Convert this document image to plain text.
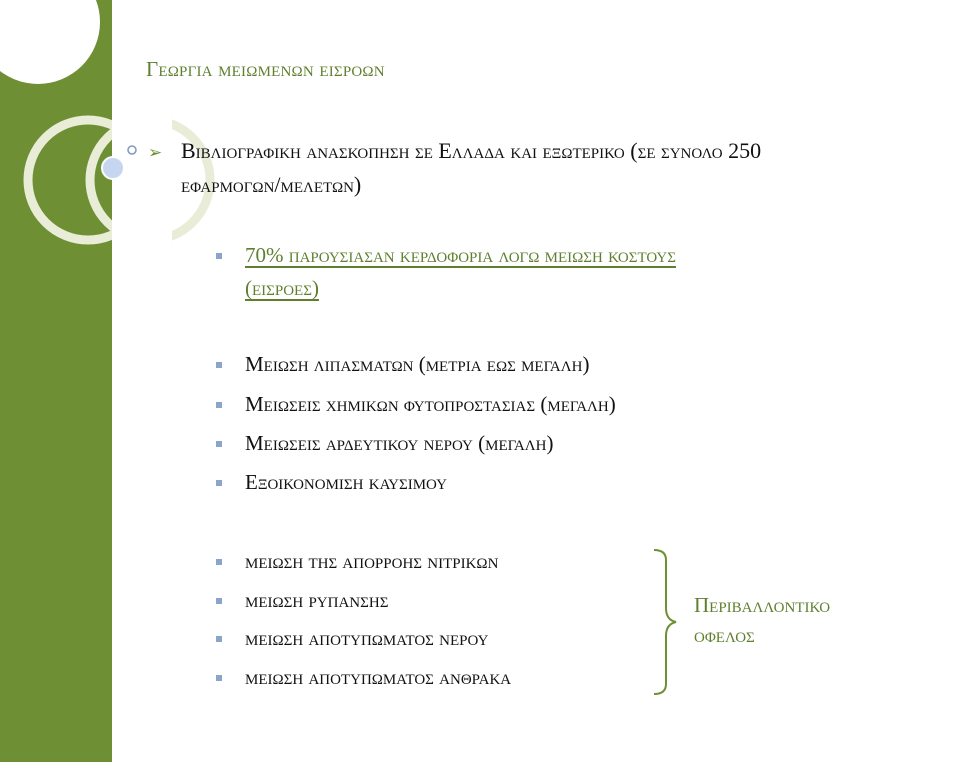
Γεωργια μειωμενων εισροων
➢ Βιβλιογραφικη ανασκοπηση σε Ελλαδα και εξωτερικο (σε συνολο 250
εφαρμογων/μελετων)
70% παρουσιασαν κερδοφορια λογω μειωση κοστουσ
(εισροεσ)
Μειωση λιπασματων (μετρια εως μεγαλη)
Μειωσεισ χημικων φυτοπροστασιας (μεγαλη)
Μειωσεισ αρδευτικου νερου (μεγαλη)
Εξοικονομιση καυσιμου
μειωση της απορροης νιτρικων
μειωση ρυπανσης
μειωση αποτυπωματος νερου
μειωση αποτυπωματοσ ανθρακα
Περιβαλλοντικο
οφελοσ
